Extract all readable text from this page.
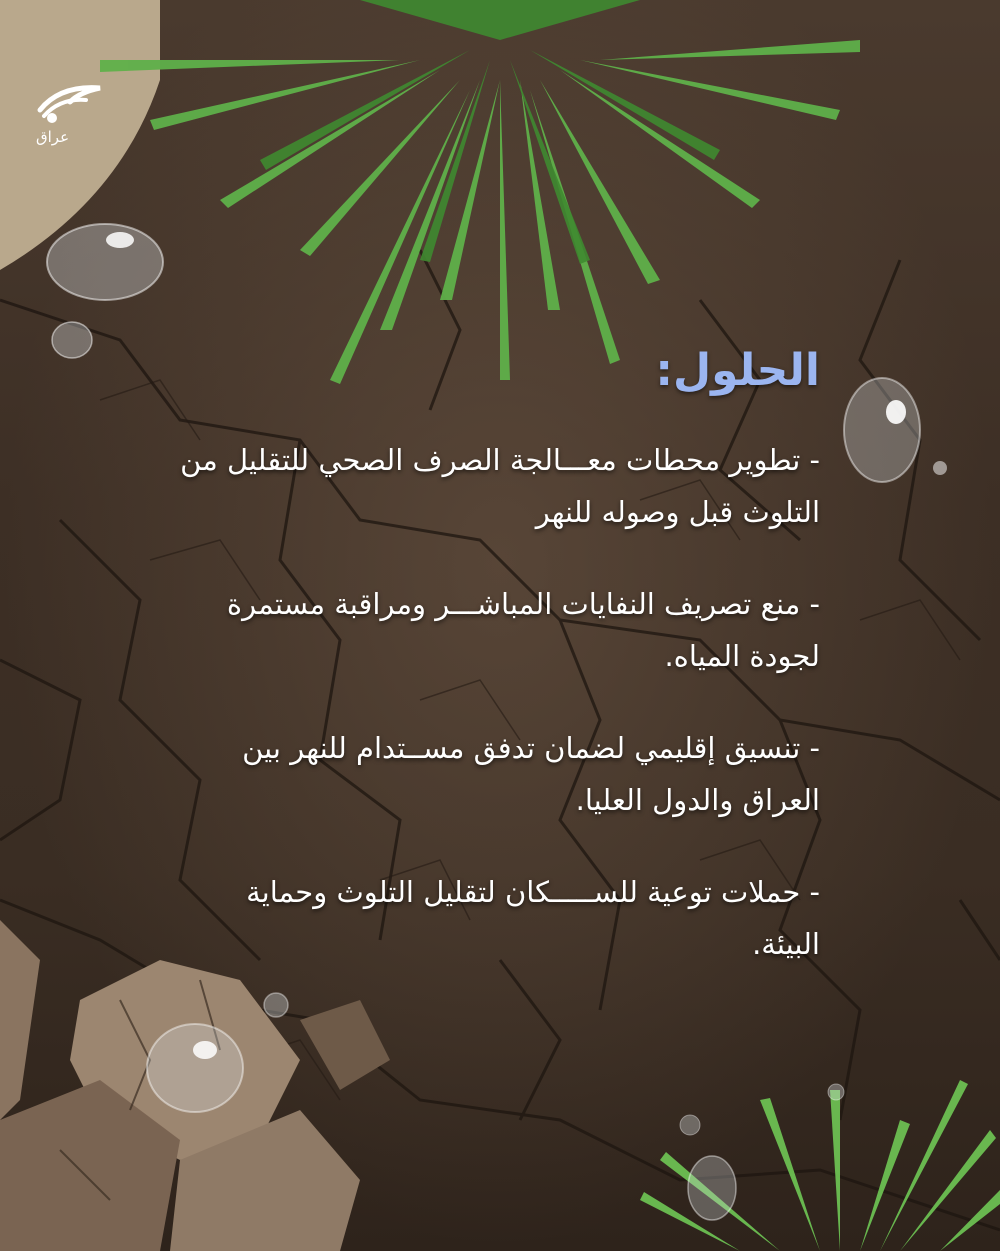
عراق
الحلول:
- تطوير محطات معـــالجة الصرف الصحي للتقليل من التلوث قبل وصوله للنهر
- منع تصريف النفايات المباشـــر ومراقبة مستمرة لجودة المياه.
- تنسيق إقليمي لضمان تدفق مســتدام للنهر بين العراق والدول العليا.
- حملات توعية للســـــكان لتقليل التلوث وحماية البيئة.
